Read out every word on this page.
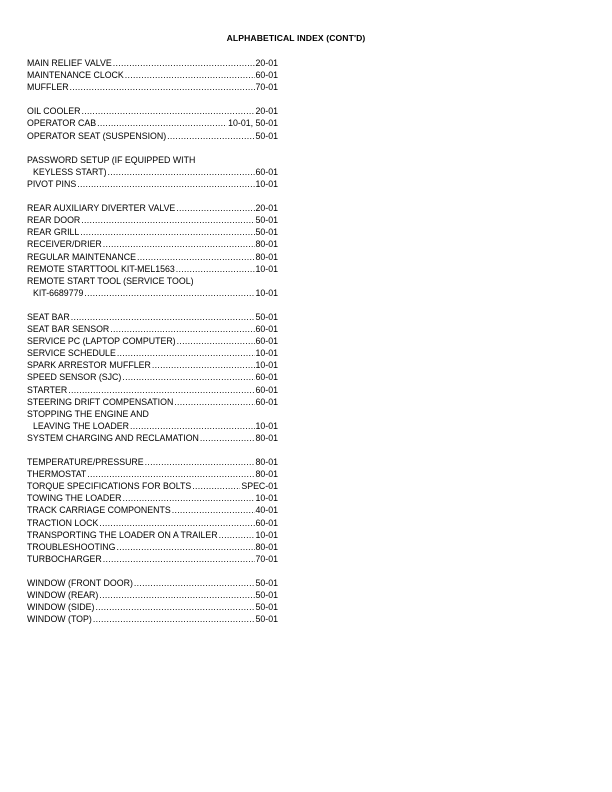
ALPHABETICAL INDEX (CONT'D)
MAIN RELIEF VALVE .....	20-01
MAINTENANCE CLOCK .....	60-01
MUFFLER .....	70-01
OIL COOLER .....	20-01
OPERATOR CAB .....	10-01, 50-01
OPERATOR SEAT (SUSPENSION) .....	50-01
PASSWORD SETUP (IF EQUIPPED WITH
KEYLESS START) .....	60-01
PIVOT PINS .....	10-01
REAR AUXILIARY DIVERTER VALVE .....	20-01
REAR DOOR .....	50-01
REAR GRILL .....	50-01
RECEIVER/DRIER .....	80-01
REGULAR MAINTENANCE .....	80-01
REMOTE STARTTOOL KIT-MEL1563 .....	10-01
REMOTE START TOOL (SERVICE TOOL)
KIT-6689779 .....	10-01
SEAT BAR .....	50-01
SEAT BAR SENSOR .....	60-01
SERVICE PC (LAPTOP COMPUTER) .....	60-01
SERVICE SCHEDULE .....	10-01
SPARK ARRESTOR MUFFLER .....	10-01
SPEED SENSOR (SJC) .....	60-01
STARTER .....	60-01
STEERING DRIFT COMPENSATION .....	60-01
STOPPING THE ENGINE AND
LEAVING THE LOADER .....	10-01
SYSTEM CHARGING AND RECLAMATION .....	80-01
TEMPERATURE/PRESSURE .....	80-01
THERMOSTAT .....	80-01
TORQUE SPECIFICATIONS FOR BOLTS .....	SPEC-01
TOWING THE LOADER .....	10-01
TRACK CARRIAGE COMPONENTS .....	40-01
TRACTION LOCK .....	60-01
TRANSPORTING THE LOADER ON A TRAILER .....	10-01
TROUBLESHOOTING .....	80-01
TURBOCHARGER .....	70-01
WINDOW (FRONT DOOR) .....	50-01
WINDOW (REAR) .....	50-01
WINDOW (SIDE) .....	50-01
WINDOW (TOP) .....	50-01
